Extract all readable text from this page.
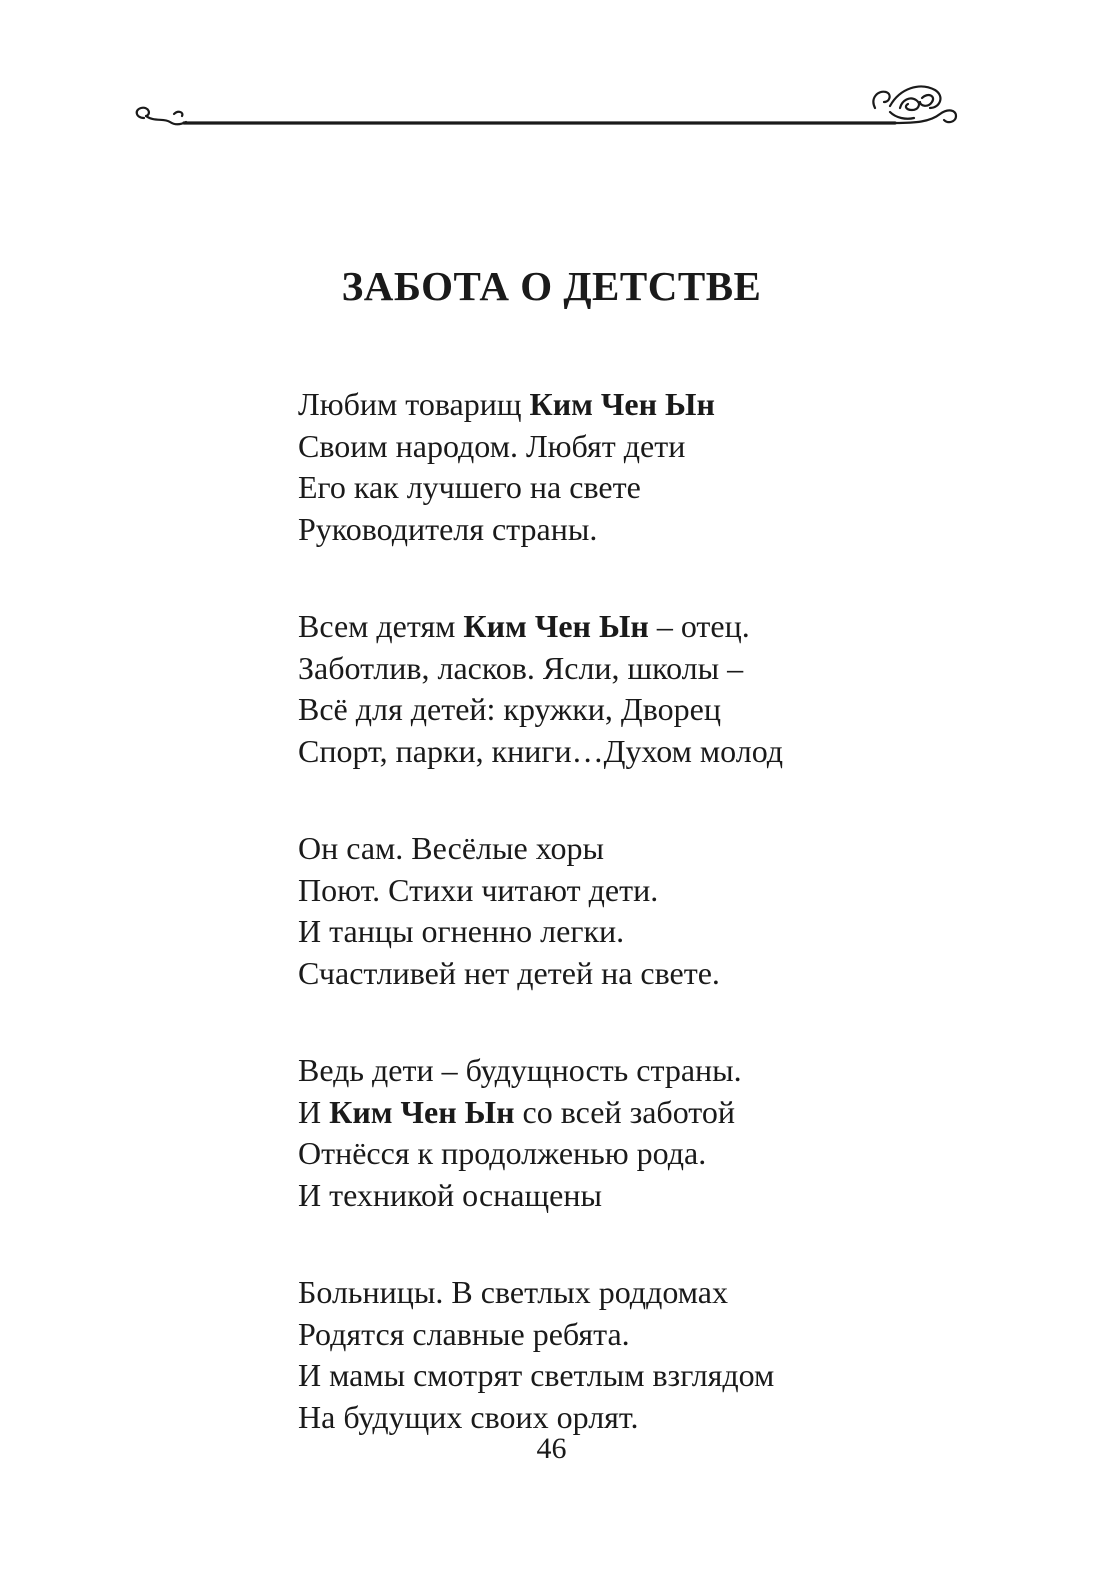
ЗАБОТА О ДЕТСТВЕ
Любим товарищ Ким Чен Ын
Своим народом. Любят дети
Его как лучшего на свете
Руководителя страны.
Всем детям Ким Чен Ын – отец.
Заботлив, ласков. Ясли, школы –
Всё для детей: кружки, Дворец
Спорт, парки, книги…Духом молод
Он сам. Весёлые хоры
Поют. Стихи читают дети.
И танцы огненно легки.
Счастливей нет детей на свете.
Ведь дети – будущность страны.
И Ким Чен Ын со всей заботой
Отнёсся к продолженью рода.
И техникой оснащены
Больницы. В светлых роддомах
Родятся славные ребята.
И мамы смотрят светлым взглядом
На будущих своих орлят.
46
